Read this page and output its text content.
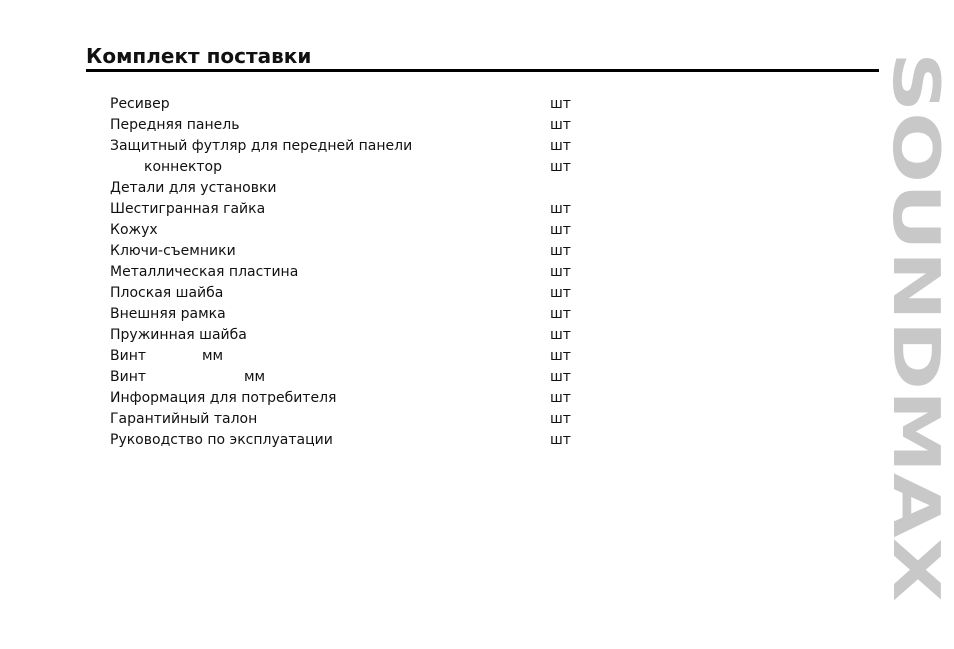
Комплект поставки
Ресивер	шт
Передняя панель	шт
Защитный футляр для передней панели	шт
коннектор	шт
Детали для установки
Шестигранная гайка	шт
Кожух	шт
Ключи-съемники	шт
Металлическая пластина	шт
Плоская шайба	шт
Внешняя рамка	шт
Пружинная шайба	шт
Винт	мм	шт
Винт	мм	шт
Информация для потребителя	шт
Гарантийный талон	шт
Руководство по эксплуатации	шт	SOUNDMAX
